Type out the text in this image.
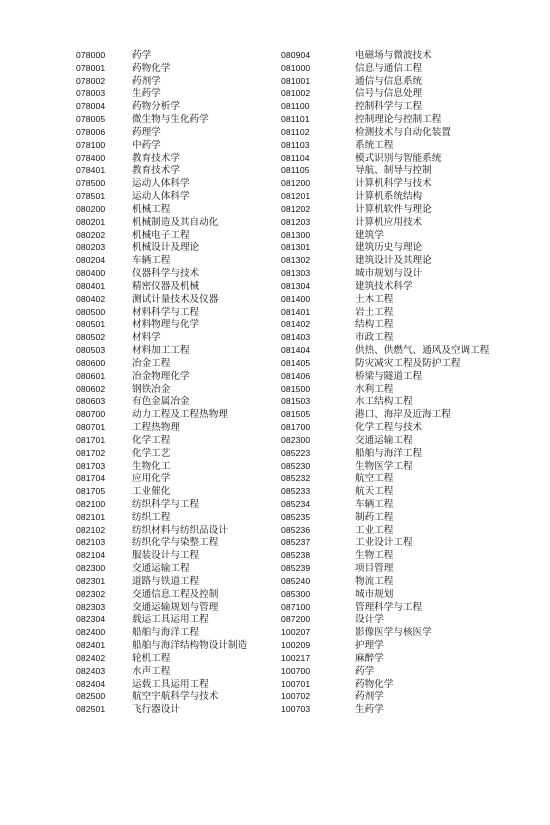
078000	药学
078001	药物化学
078002	药剂学
078003	生药学
078004	药物分析学
078005	微生物与生化药学
078006	药理学
078100	中药学
078400	教育技术学
078401	教育技术学
078500	运动人体科学
078501	运动人体科学
080200	机械工程
080201	机械制造及其自动化
080202	机械电子工程
080203	机械设计及理论
080204	车辆工程
080400	仪器科学与技术
080401	精密仪器及机械
080402	测试计量技术及仪器
080500	材料科学与工程
080501	材料物理与化学
080502	材料学
080503	材料加工工程
080600	冶金工程
080601	冶金物理化学
080602	钢铁冶金
080603	有色金属冶金
080700	动力工程及工程热物理
080701	工程热物理
081701	化学工程
081702	化学工艺
081703	生物化工
081704	应用化学
081705	工业催化
082100	纺织科学与工程
082101	纺织工程
082102	纺织材料与纺织品设计
082103	纺织化学与染整工程
082104	服装设计与工程
082300	交通运输工程
082301	道路与铁道工程
082302	交通信息工程及控制
082303	交通运输规划与管理
082304	载运工具运用工程
082400	船舶与海洋工程
082401	船舶与海洋结构物设计制造
082402	轮机工程
082403	水声工程
082404	运载工具运用工程
082500	航空宇航科学与技术
082501	飞行器设计
080904	电磁场与微波技术
081000	信息与通信工程
081001	通信与信息系统
081002	信号与信息处理
081100	控制科学与工程
081101	控制理论与控制工程
081102	检测技术与自动化装置
081103	系统工程
081104	模式识别与智能系统
081105	导航、制导与控制
081200	计算机科学与技术
081201	计算机系统结构
081202	计算机软件与理论
081203	计算机应用技术
081300	建筑学
081301	建筑历史与理论
081302	建筑设计及其理论
081303	城市规划与设计
081304	建筑技术科学
081400	土木工程
081401	岩土工程
081402	结构工程
081403	市政工程
081404	供热、供燃气、通风及空调工程
081405	防灾减灾工程及防护工程
081406	桥梁与隧道工程
081500	水利工程
081503	水工结构工程
081505	港口、海岸及近海工程
081700	化学工程与技术
082300	交通运输工程
085223	船舶与海洋工程
085230	生物医学工程
085232	航空工程
085233	航天工程
085234	车辆工程
085235	制药工程
085236	工业工程
085237	工业设计工程
085238	生物工程
085239	项目管理
085240	物流工程
085300	城市规划
087100	管理科学与工程
087200	设计学
100207	影像医学与核医学
100209	护理学
100217	麻醉学
100700	药学
100701	药物化学
100702	药剂学
100703	生药学
